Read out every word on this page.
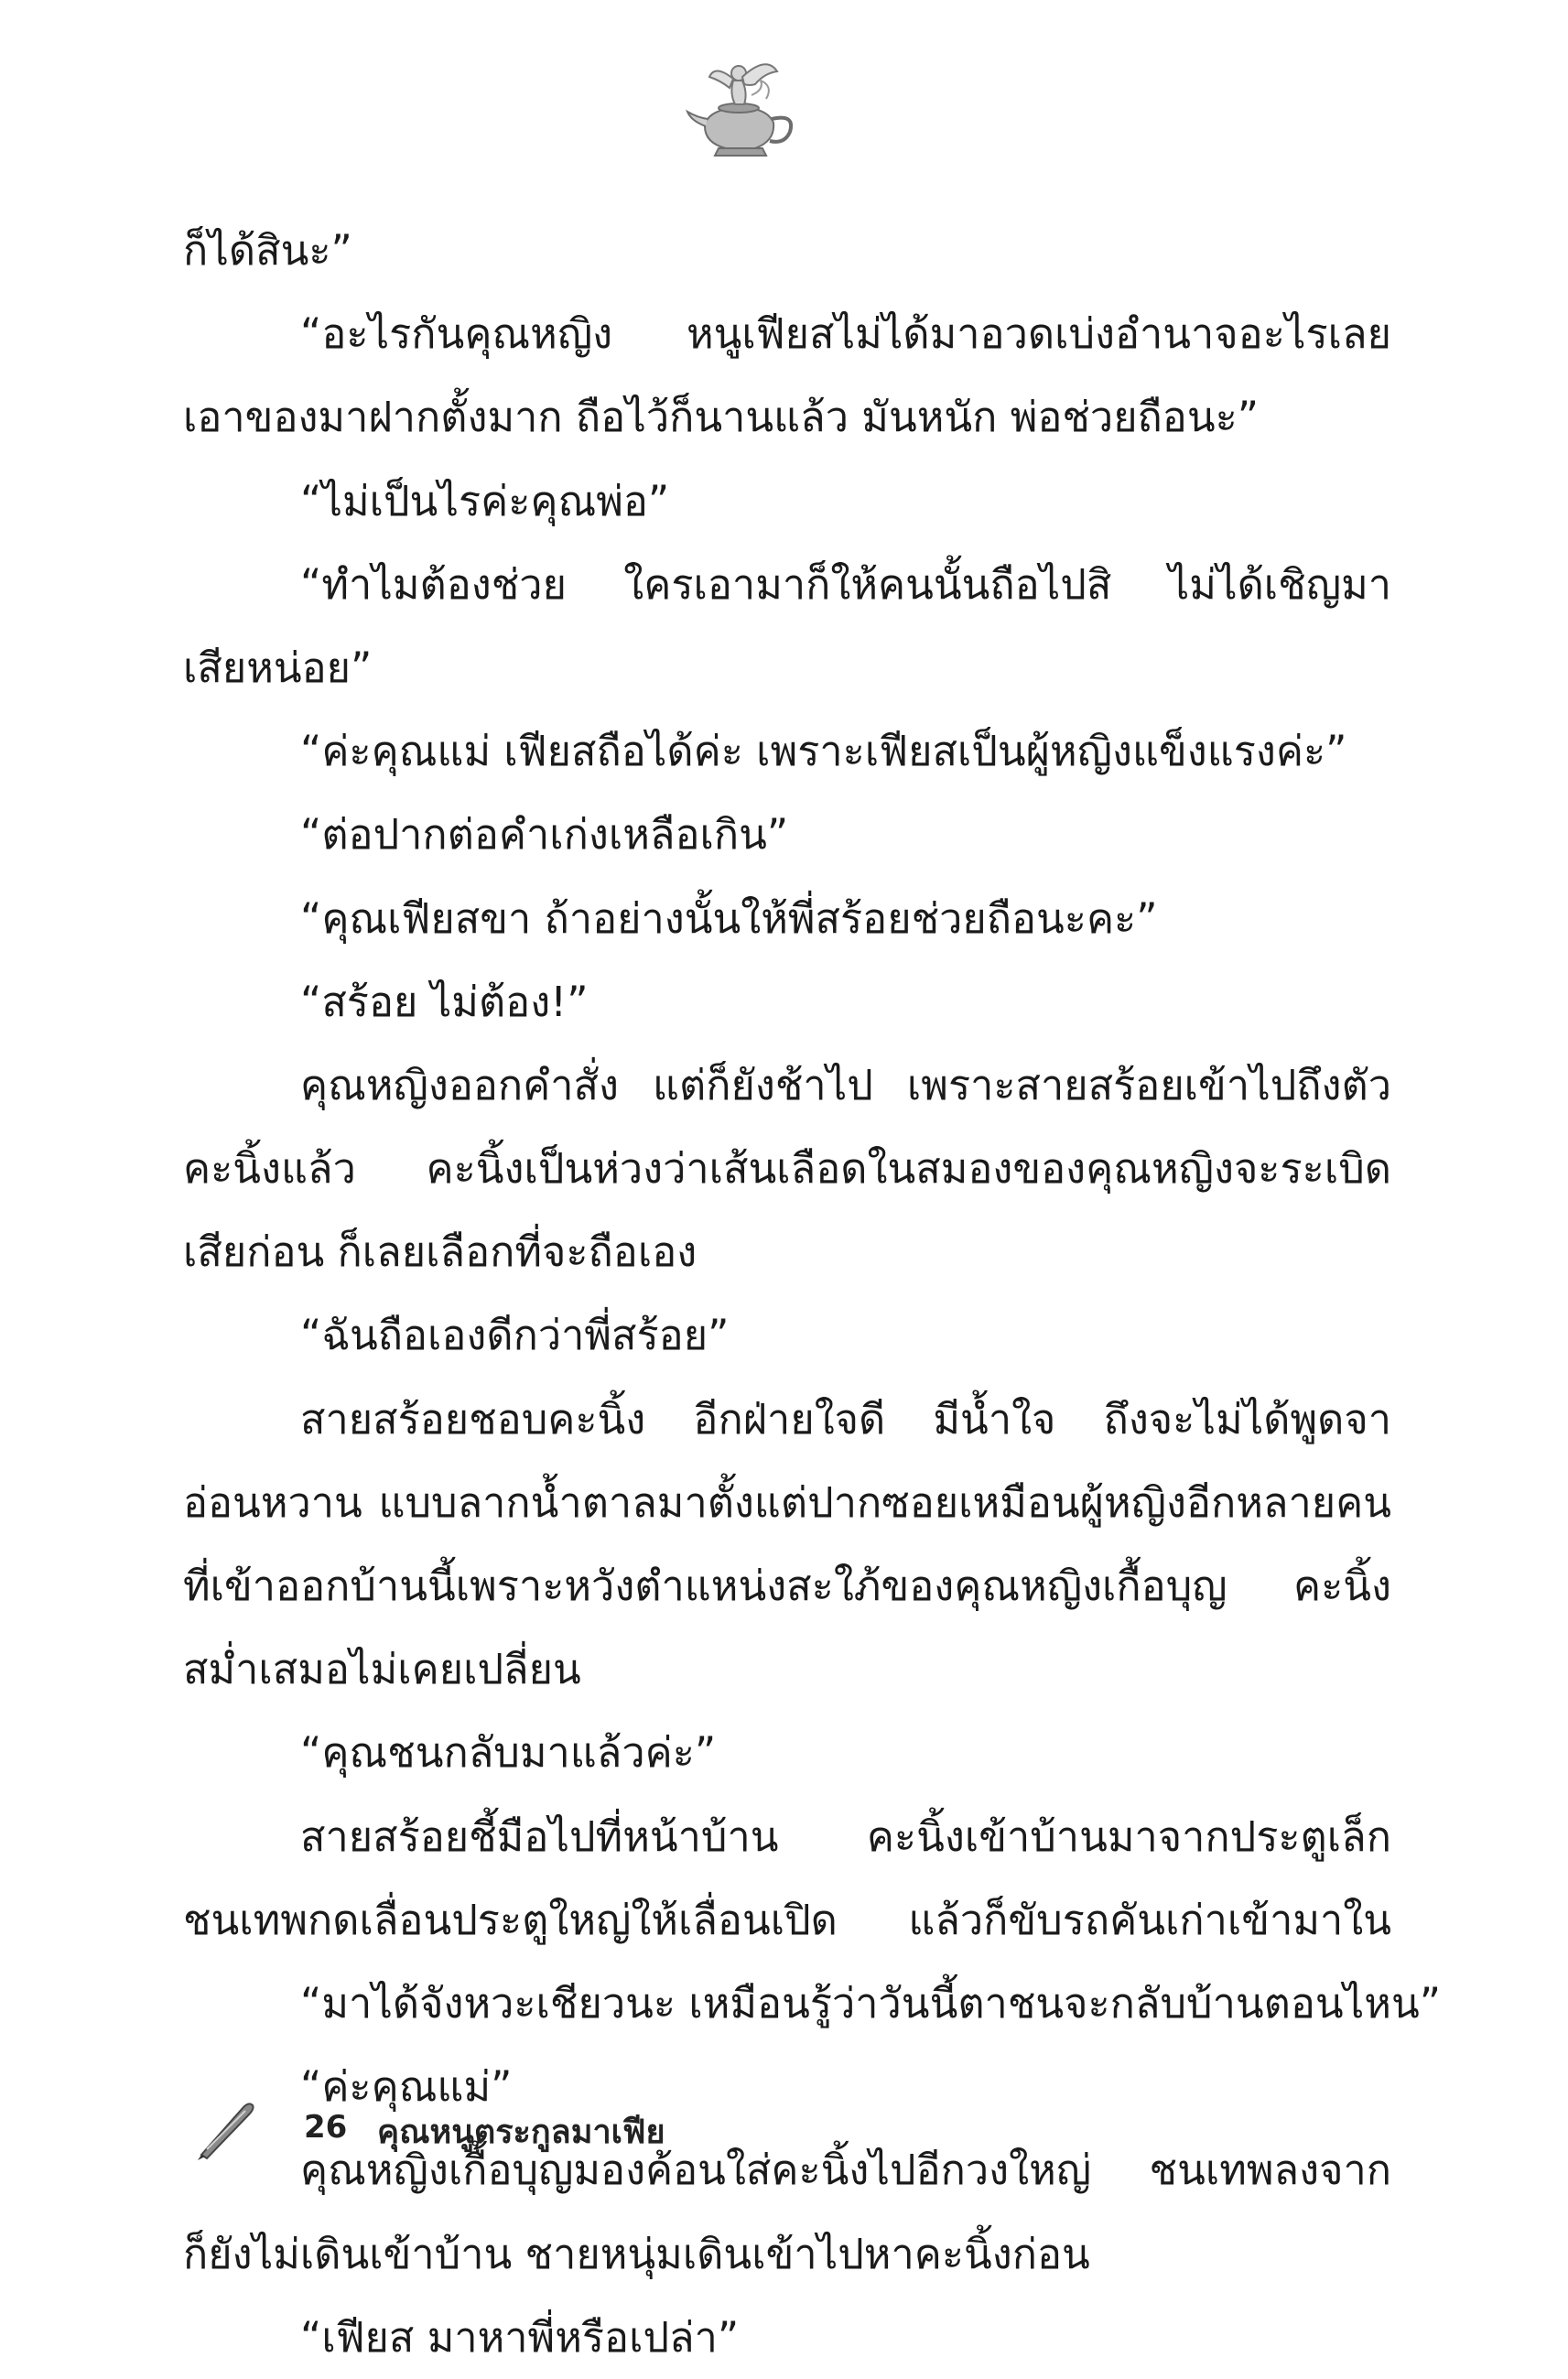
ก็ได้สินะ”
“อะไรกันคุณหญิง หนูเฟียสไม่ได้มาอวดเบ่งอำนาจอะไรเลย
เอาของมาฝากตั้งมาก ถือไว้ก็นานแล้ว มันหนัก พ่อช่วยถือนะ”
“ไม่เป็นไรค่ะคุณพ่อ”
“ทำไมต้องช่วย ใครเอามาก็ให้คนนั้นถือไปสิ ไม่ได้เชิญมา
เสียหน่อย”
“ค่ะคุณแม่ เฟียสถือได้ค่ะ เพราะเฟียสเป็นผู้หญิงแข็งแรงค่ะ”
“ต่อปากต่อคำเก่งเหลือเกิน”
“คุณเฟียสขา ถ้าอย่างนั้นให้พี่สร้อยช่วยถือนะคะ”
“สร้อย ไม่ต้อง!”
คุณหญิงออกคำสั่ง แต่ก็ยังช้าไป เพราะสายสร้อยเข้าไปถึงตัว
คะนิ้งแล้ว คะนิ้งเป็นห่วงว่าเส้นเลือดในสมองของคุณหญิงจะระเบิด
เสียก่อน ก็เลยเลือกที่จะถือเอง
“ฉันถือเองดีกว่าพี่สร้อย”
สายสร้อยชอบคะนิ้ง อีกฝ่ายใจดี มีน้ำใจ ถึงจะไม่ได้พูดจา
อ่อนหวาน แบบลากน้ำตาลมาตั้งแต่ปากซอยเหมือนผู้หญิงอีกหลายคน
ที่เข้าออกบ้านนี้เพราะหวังตำแหน่งสะใภ้ของคุณหญิงเกื้อบุญ คะนิ้ง
สม่ำเสมอไม่เคยเปลี่ยน
“คุณชนกลับมาแล้วค่ะ”
สายสร้อยชี้มือไปที่หน้าบ้าน คะนิ้งเข้าบ้านมาจากประตูเล็ก
ชนเทพกดเลื่อนประตูใหญ่ให้เลื่อนเปิด แล้วก็ขับรถคันเก่าเข้ามาใน
“มาได้จังหวะเชียวนะ เหมือนรู้ว่าวันนี้ตาชนจะกลับบ้านตอนไหน”
“ค่ะคุณแม่”
คุณหญิงเกื้อบุญมองค้อนใส่คะนิ้งไปอีกวงใหญ่ ชนเทพลงจาก
ก็ยังไม่เดินเข้าบ้าน ชายหนุ่มเดินเข้าไปหาคะนิ้งก่อน
“เฟียส มาหาพี่หรือเปล่า”
26 คุณหนูตระกูลมาเฟีย
